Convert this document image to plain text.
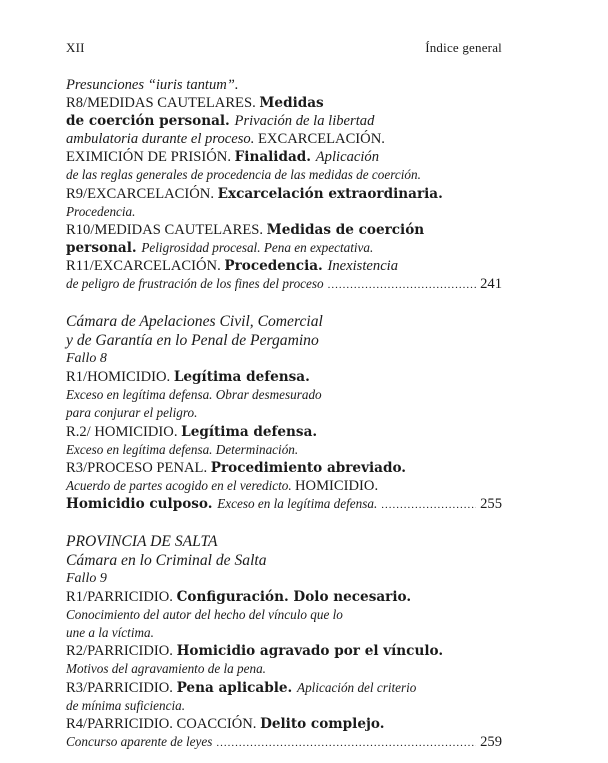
XII	Índice general

Presunciones “iuris tantum”.

R8/MEDIDAS CAUTELARES. Medidas

de coerción personal. Privación de la libertad

ambulatoria durante el proceso. EXCARCELACIÓN.

EXIMICIÓN DE PRISIÓN. Finalidad. Aplicación

de las reglas generales de procedencia de las medidas de coerción.

R9/EXCARCELACIÓN. Excarcelación extraordinaria.

Procedencia.

R10/MEDIDAS CAUTELARES. Medidas de coerción

personal. Peligrosidad procesal. Pena en expectativa.

R11/EXCARCELACIÓN. Procedencia. Inexistencia

de peligro de frustración de los fines del proceso .....	241

Cámara de Apelaciones Civil, Comercial

y de Garantía en lo Penal de Pergamino

Fallo 8

R1/HOMICIDIO. Legítima defensa.

Exceso en legítima defensa. Obrar desmesurado

para conjurar el peligro.

R.2/ HOMICIDIO. Legítima defensa.

Exceso en legítima defensa. Determinación.

R3/PROCESO PENAL. Procedimiento abreviado.

Acuerdo de partes acogido en el veredicto. HOMICIDIO.

Homicidio culposo. Exceso en la legítima defensa. .....	255

PROVINCIA DE SALTA

Cámara en lo Criminal de Salta

Fallo 9

R1/PARRICIDIO. Configuración. Dolo necesario.

Conocimiento del autor del hecho del vínculo que lo

une a la víctima.

R2/PARRICIDIO. Homicidio agravado por el vínculo.

Motivos del agravamiento de la pena.

R3/PARRICIDIO. Pena aplicable. Aplicación del criterio

de mínima suficiencia.

R4/PARRICIDIO. COACCIÓN. Delito complejo.

Concurso aparente de leyes .....	259
